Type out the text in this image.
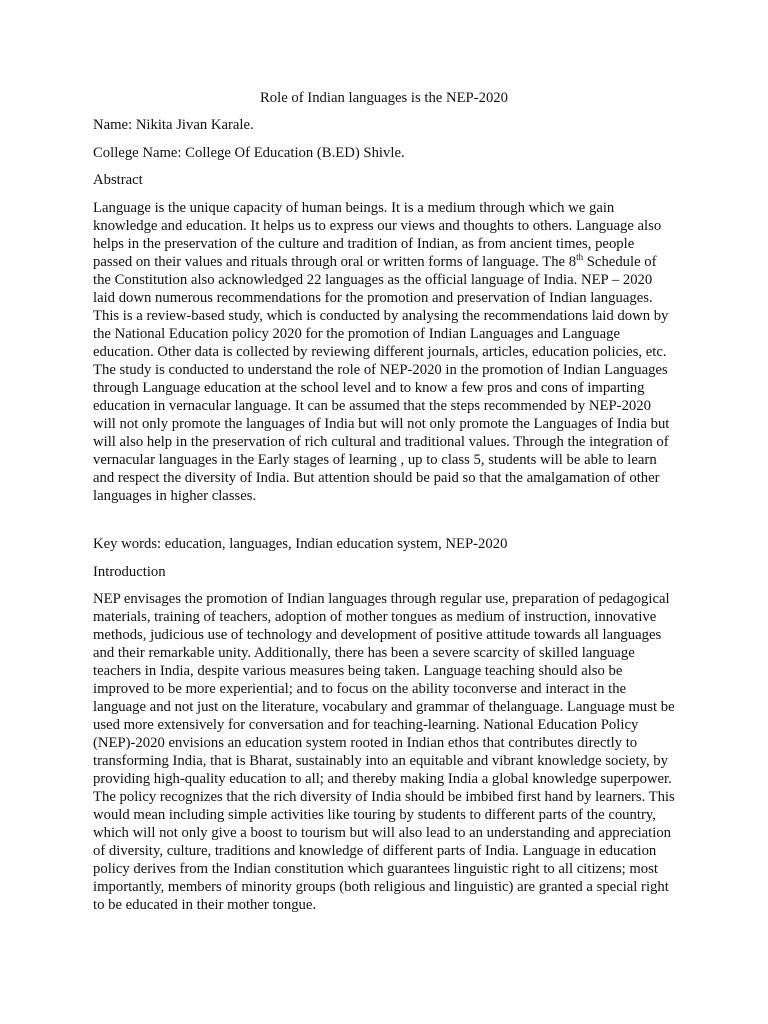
Role of Indian languages is the NEP-2020
Name: Nikita Jivan Karale.
College Name: College Of Education (B.ED) Shivle.
Abstract

Language is the unique capacity of human beings. It is a medium through which we gain knowledge and education. It helps us to express our views and thoughts to others. Language also helps in the preservation of the culture and tradition of Indian, as from ancient times, people passed on their values and rituals through oral or written forms of language. The 8th Schedule of the Constitution also acknowledged 22 languages as the official language of India. NEP – 2020 laid down numerous recommendations for the promotion and preservation of Indian languages. This is a review-based study, which is conducted by analysing the recommendations laid down by the National Education policy 2020 for the promotion of Indian Languages and Language education. Other data is collected by reviewing different journals, articles, education policies, etc. The study is conducted to understand the role of NEP-2020 in the promotion of Indian Languages through Language education at the school level and to know a few pros and cons of imparting education in vernacular language. It can be assumed that the steps recommended by NEP-2020 will not only promote the languages of India but will not only promote the Languages of India but will also help in the preservation of rich cultural and traditional values. Through the integration of vernacular languages in the Early stages of learning , up to class 5, students will be able to learn and respect the diversity of India. But attention should be paid so that the amalgamation of other languages in higher classes.

Key words: education, languages, Indian education system, NEP-2020
Introduction

NEP envisages the promotion of Indian languages through regular use, preparation of pedagogical materials, training of teachers, adoption of mother tongues as medium of instruction, innovative methods, judicious use of technology and development of positive attitude towards all languages and their remarkable unity. Additionally, there has been a severe scarcity of skilled language teachers in India, despite various measures being taken. Language teaching should also be improved to be more experiential; and to focus on the ability toconverse and interact in the language and not just on the literature, vocabulary and grammar of thelanguage. Language must be used more extensively for conversation and for teaching-learning. National Education Policy (NEP)-2020 envisions an education system rooted in Indian ethos that contributes directly to transforming India, that is Bharat, sustainably into an equitable and vibrant knowledge society, by providing high-quality education to all; and thereby making India a global knowledge superpower. The policy recognizes that the rich diversity of India should be imbibed first hand by learners. This would mean including simple activities like touring by students to different parts of the country, which will not only give a boost to tourism but will also lead to an understanding and appreciation of diversity, culture, traditions and knowledge of different parts of India. Language in education policy derives from the Indian constitution which guarantees linguistic right to all citizens; most importantly, members of minority groups (both religious and linguistic) are granted a special right to be educated in their mother tongue.
